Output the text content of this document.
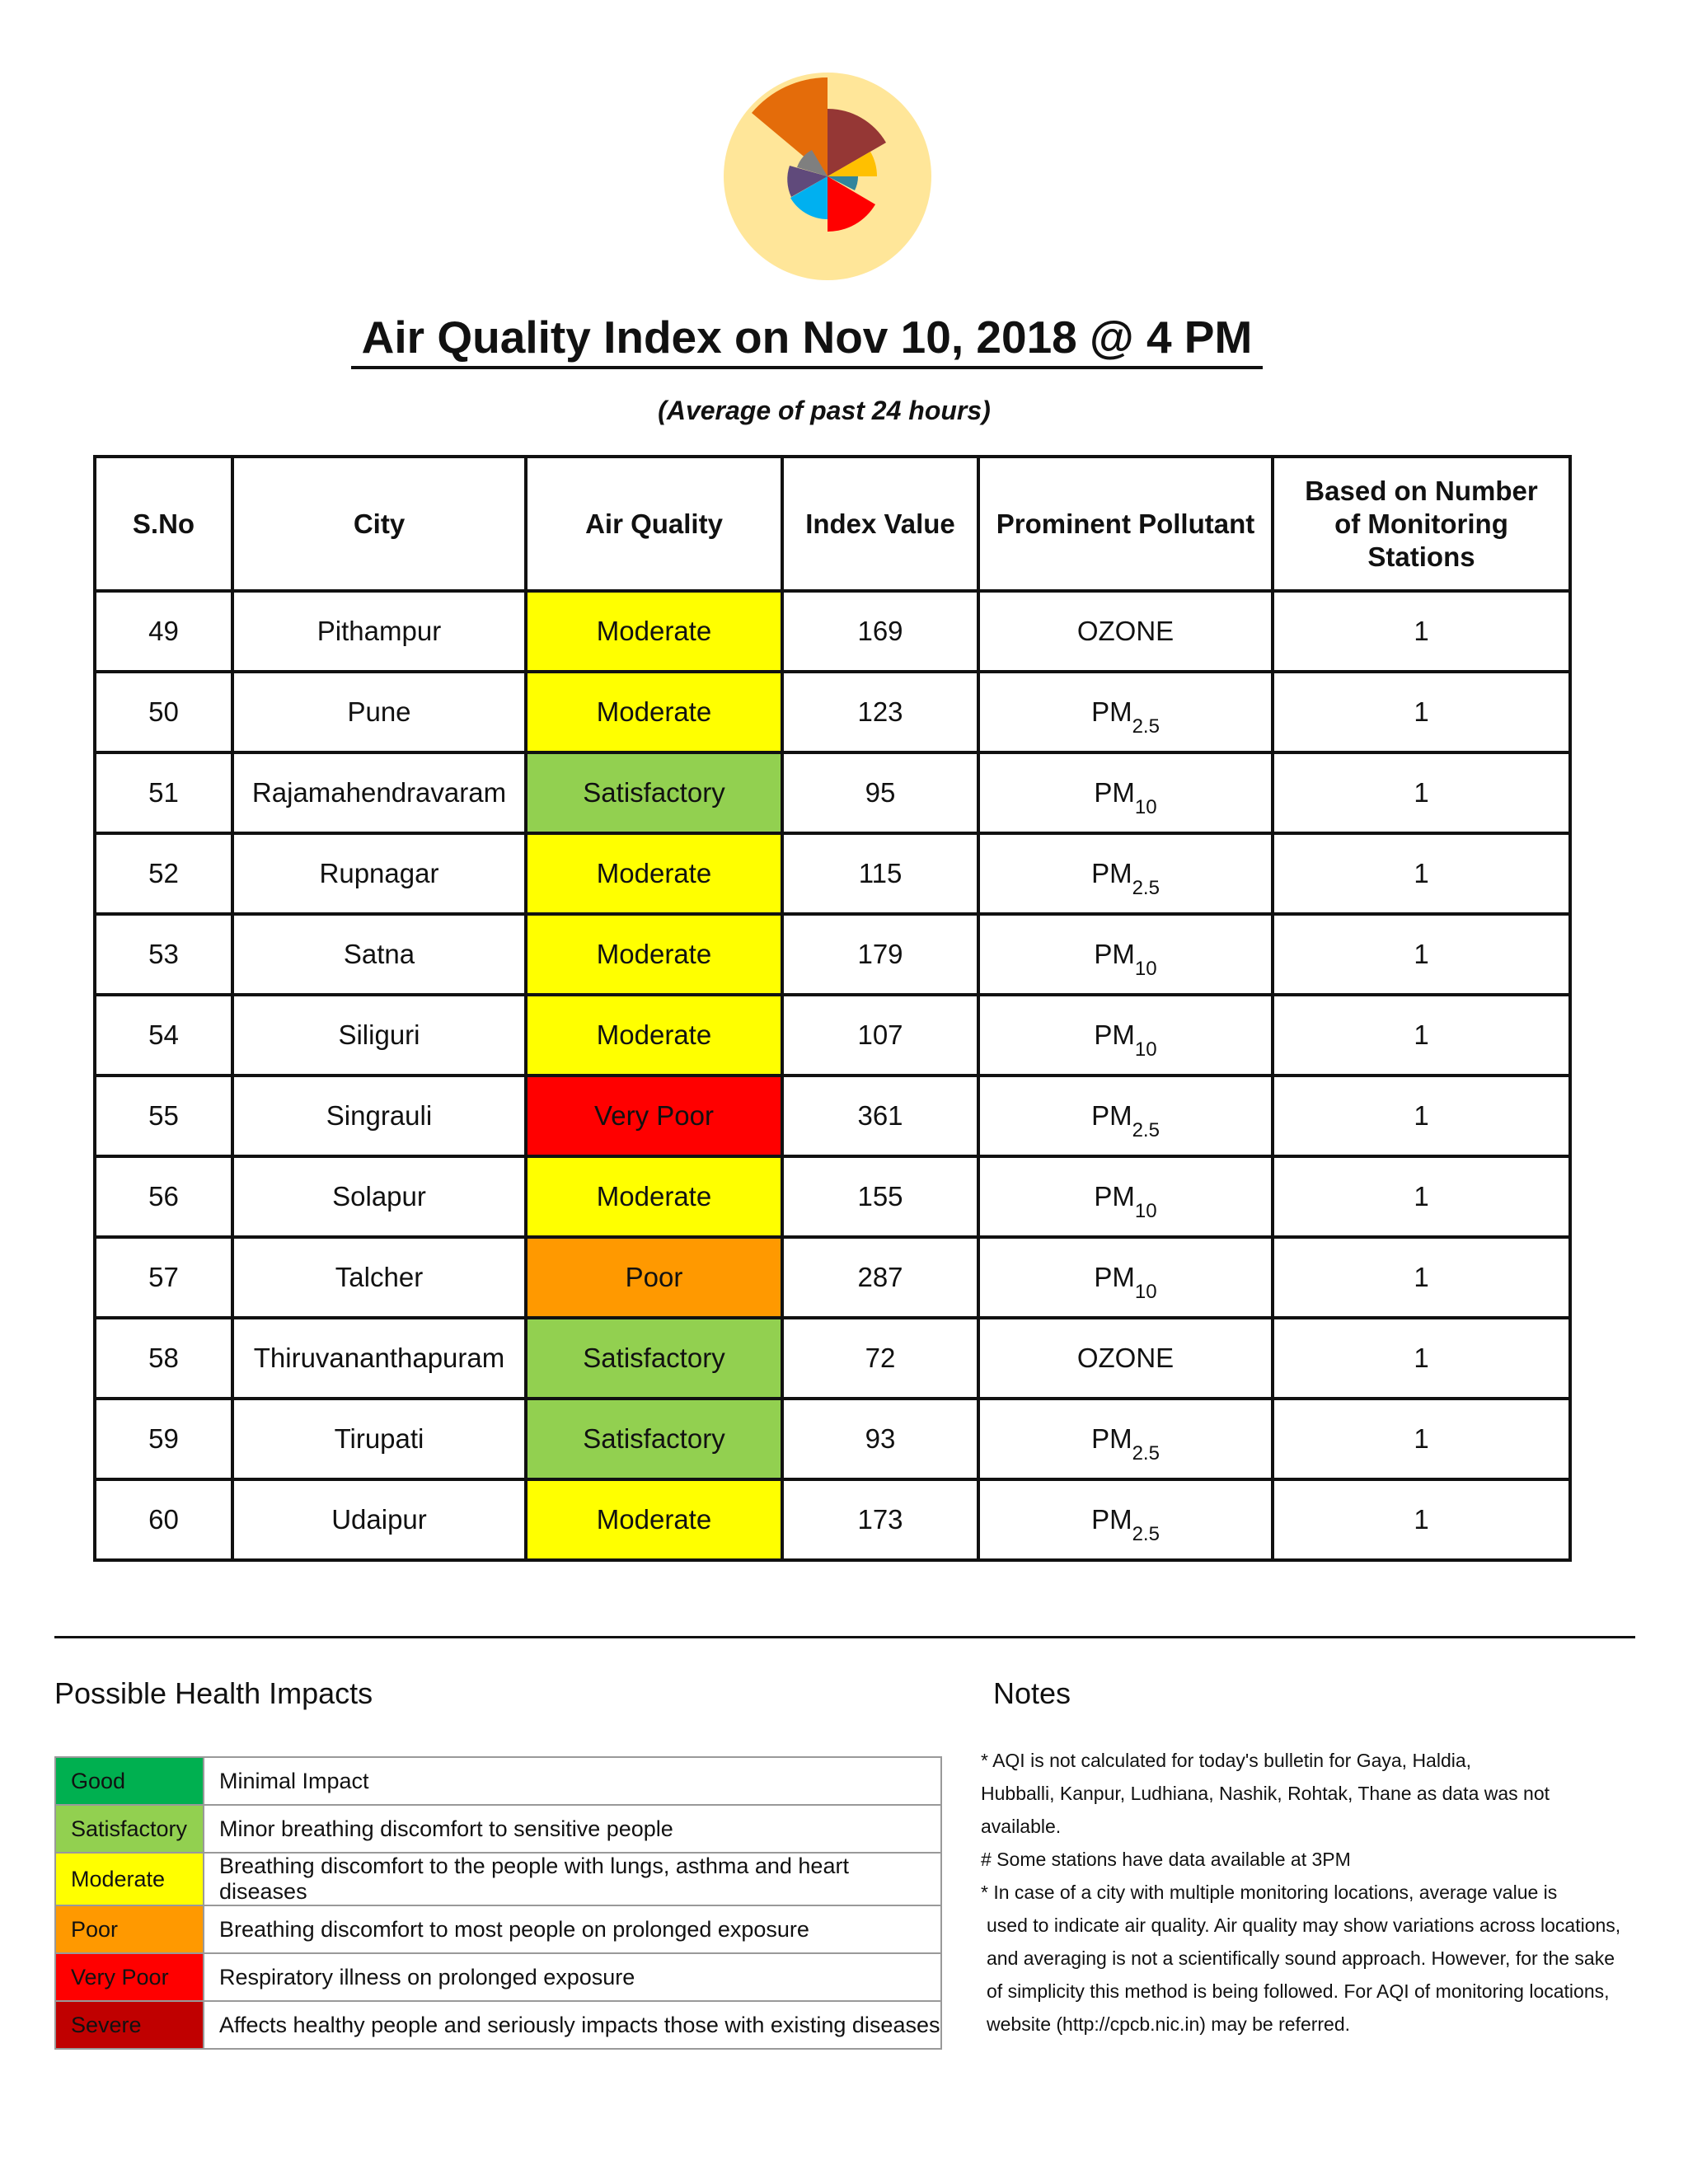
Air Quality Index on Nov 10, 2018 @ 4 PM
(Average of past 24 hours)
S.No	City	Air Quality	Index Value	Prominent Pollutant	Based on Number of Monitoring Stations
49	Pithampur	Moderate	169	OZONE	1
50	Pune	Moderate	123	$PM_{2.5}$	1
51	Rajamahendravaram	Satisfactory	95	$PM_{10}$	1
52	Rupnagar	Moderate	115	$PM_{2.5}$	1
53	Satna	Moderate	179	$PM_{10}$	1
54	Siliguri	Moderate	107	$PM_{10}$	1
55	Singrauli	Very Poor	361	$PM_{2.5}$	1
56	Solapur	Moderate	155	$PM_{10}$	1
57	Talcher	Poor	287	$PM_{10}$	1
58	Thiruvananthapuram	Satisfactory	72	OZONE	1
59	Tirupati	Satisfactory	93	$PM_{2.5}$	1
60	Udaipur	Moderate	173	$PM_{2.5}$	1
Possible Health Impacts	Notes
Good	Minimal Impact
Satisfactory	Minor breathing discomfort to sensitive people
Moderate	Breathing discomfort to the people with lungs, asthma and heart diseases
Poor	Breathing discomfort to most people on prolonged exposure
Very Poor	Respiratory illness on prolonged exposure
Severe	Affects healthy people and seriously impacts those with existing diseases

* AQI is not calculated for today's bulletin for Gaya, Haldia,

Hubballi, Kanpur, Ludhiana, Nashik, Rohtak, Thane as data was not

available.

# Some stations have data available at 3PM

* In case of a city with multiple monitoring locations, average value is

used to indicate air quality. Air quality may show variations across locations,

and averaging is not a scientifically sound approach. However, for the sake

of simplicity this method is being followed. For AQI of monitoring locations,

website (http://cpcb.nic.in) may be referred.
